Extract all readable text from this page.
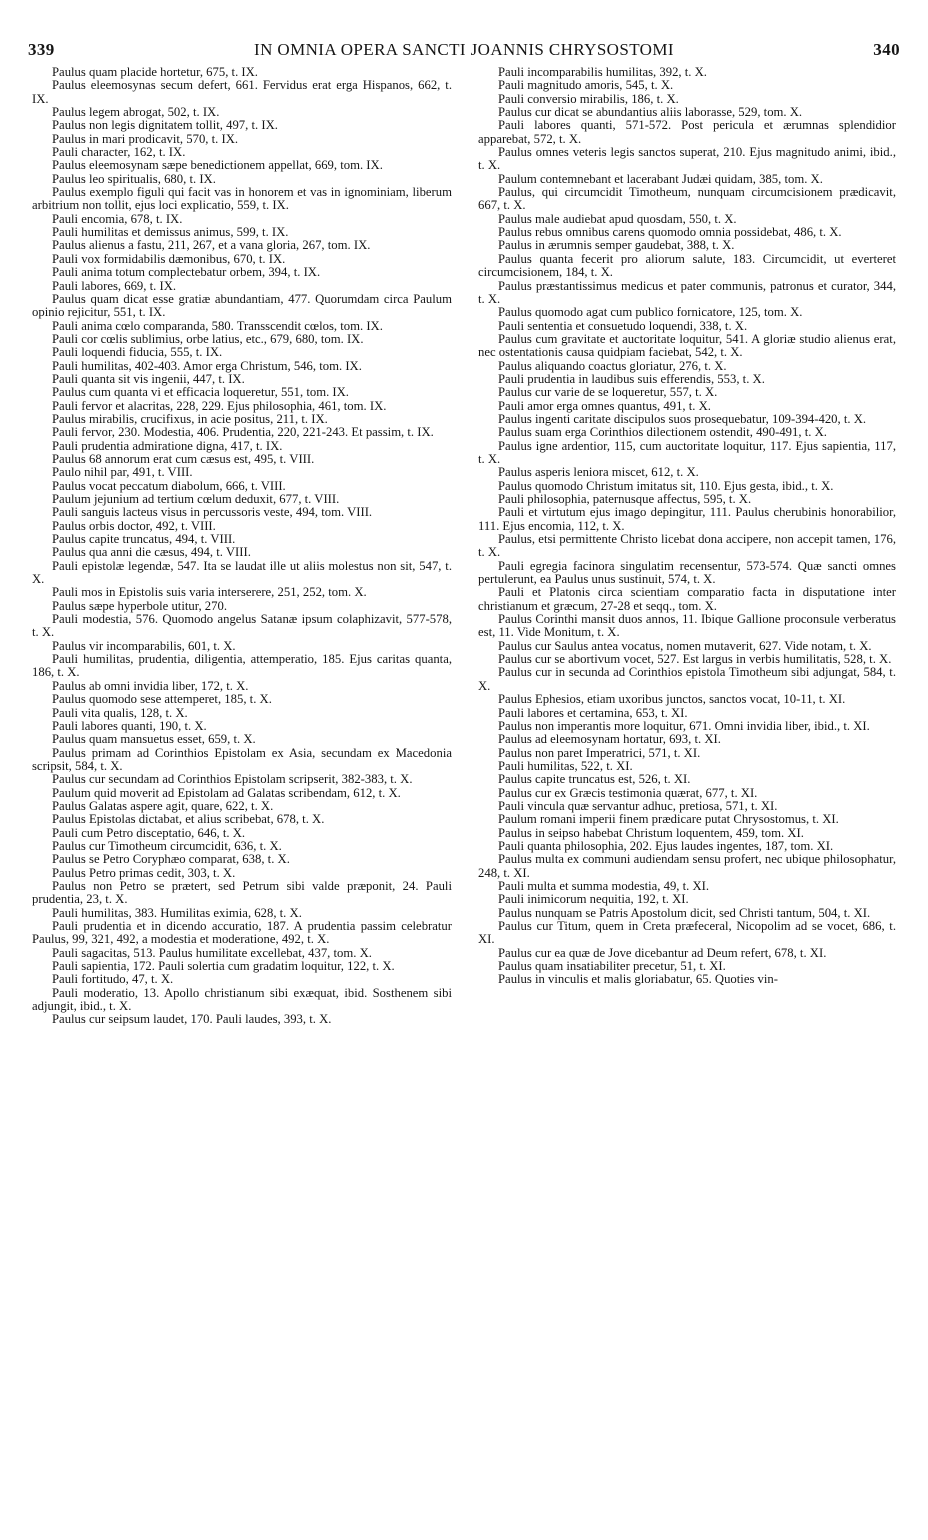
339	IN OMNIA OPERA SANCTI JOANNIS CHRYSOSTOMI	340

Paulus quam placide hortetur, 675, t. IX.

Paulus eleemosynas secum defert, 661. Fervidus erat erga Hispanos, 662, t. IX.

Paulus legem abrogat, 502, t. IX.

Paulus non legis dignitatem tollit, 497, t. IX.

Paulus in mari prodicavit, 570, t. IX.

Pauli character, 162, t. IX.

Paulus eleemosynam sæpe benedictionem appellat, 669, tom. IX.

Paulus leo spiritualis, 680, t. IX.

Paulus exemplo figuli qui facit vas in honorem et vas in ignominiam, liberum arbitrium non tollit, ejus loci explicatio, 559, t. IX.

Pauli encomia, 678, t. IX.

Pauli humilitas et demissus animus, 599, t. IX.

Paulus alienus a fastu, 211, 267, et a vana gloria, 267, tom. IX.

Pauli vox formidabilis dæmonibus, 670, t. IX.

Pauli anima totum complectebatur orbem, 394, t. IX.

Pauli labores, 669, t. IX.

Paulus quam dicat esse gratiæ abundantiam, 477. Quorumdam circa Paulum opinio rejicitur, 551, t. IX.

Pauli anima cœlo comparanda, 580. Transscendit cœlos, tom. IX.

Pauli cor cœlis sublimius, orbe latius, etc., 679, 680, tom. IX.

Pauli loquendi fiducia, 555, t. IX.

Pauli humilitas, 402-403. Amor erga Christum, 546, tom. IX.

Pauli quanta sit vis ingenii, 447, t. IX.

Paulus cum quanta vi et efficacia loqueretur, 551, tom. IX.

Pauli fervor et alacritas, 228, 229. Ejus philosophia, 461, tom. IX.

Paulus mirabilis, crucifixus, in acie positus, 211, t. IX.

Pauli fervor, 230. Modestia, 406. Prudentia, 220, 221-243. Et passim, t. IX.

Pauli prudentia admiratione digna, 417, t. IX.

Paulus 68 annorum erat cum cæsus est, 495, t. VIII.

Paulo nihil par, 491, t. VIII.

Paulus vocat peccatum diabolum, 666, t. VIII.

Paulum jejunium ad tertium cœlum deduxit, 677, t. VIII.

Pauli sanguis lacteus visus in percussoris veste, 494, tom. VIII.

Paulus orbis doctor, 492, t. VIII.

Paulus capite truncatus, 494, t. VIII.

Paulus qua anni die cæsus, 494, t. VIII.

Pauli epistolæ legendæ, 547. Ita se laudat ille ut aliis molestus non sit, 547, t. X.

Pauli mos in Epistolis suis varia interserere, 251, 252, tom. X.

Paulus sæpe hyperbole utitur, 270.

Pauli modestia, 576. Quomodo angelus Satanæ ipsum colaphizavit, 577-578, t. X.

Paulus vir incomparabilis, 601, t. X.

Pauli humilitas, prudentia, diligentia, attemperatio, 185. Ejus caritas quanta, 186, t. X.

Paulus ab omni invidia liber, 172, t. X.

Paulus quomodo sese attemperet, 185, t. X.

Pauli vita qualis, 128, t. X.

Pauli labores quanti, 190, t. X.

Paulus quam mansuetus esset, 659, t. X.

Paulus primam ad Corinthios Epistolam ex Asia, secundam ex Macedonia scripsit, 584, t. X.

Paulus cur secundam ad Corinthios Epistolam scripserit, 382-383, t. X.

Paulum quid moverit ad Epistolam ad Galatas scribendam, 612, t. X.

Paulus Galatas aspere agit, quare, 622, t. X.

Paulus Epistolas dictabat, et alius scribebat, 678, t. X.

Pauli cum Petro disceptatio, 646, t. X.

Paulus cur Timotheum circumcidit, 636, t. X.

Paulus se Petro Coryphæo comparat, 638, t. X.

Paulus Petro primas cedit, 303, t. X.

Paulus non Petro se prætert, sed Petrum sibi valde præponit, 24. Pauli prudentia, 23, t. X.

Pauli humilitas, 383. Humilitas eximia, 628, t. X.

Pauli prudentia et in dicendo accuratio, 187. A prudentia passim celebratur Paulus, 99, 321, 492, a modestia et moderatione, 492, t. X.

Pauli sagacitas, 513. Paulus humilitate excellebat, 437, tom. X.

Pauli sapientia, 172. Pauli solertia cum gradatim loquitur, 122, t. X.

Pauli fortitudo, 47, t. X.

Pauli moderatio, 13. Apollo christianum sibi exæquat, ibid. Sosthenem sibi adjungit, ibid., t. X.

Paulus cur seipsum laudet, 170. Pauli laudes, 393, t. X.

Pauli incomparabilis humilitas, 392, t. X.

Pauli magnitudo amoris, 545, t. X.

Pauli conversio mirabilis, 186, t. X.

Paulus cur dicat se abundantius aliis laborasse, 529, tom. X.

Pauli labores quanti, 571-572. Post pericula et ærumnas splendidior apparebat, 572, t. X.

Paulus omnes veteris legis sanctos superat, 210. Ejus magnitudo animi, ibid., t. X.

Paulum contemnebant et lacerabant Judæi quidam, 385, tom. X.

Paulus, qui circumcidit Timotheum, nunquam circumcisionem prædicavit, 667, t. X.

Paulus male audiebat apud quosdam, 550, t. X.

Paulus rebus omnibus carens quomodo omnia possidebat, 486, t. X.

Paulus in ærumnis semper gaudebat, 388, t. X.

Paulus quanta fecerit pro aliorum salute, 183. Circumcidit, ut everteret circumcisionem, 184, t. X.

Paulus præstantissimus medicus et pater communis, patronus et curator, 344, t. X.

Paulus quomodo agat cum publico fornicatore, 125, tom. X.

Pauli sententia et consuetudo loquendi, 338, t. X.

Paulus cum gravitate et auctoritate loquitur, 541. A gloriæ studio alienus erat, nec ostentationis causa quidpiam faciebat, 542, t. X.

Paulus aliquando coactus gloriatur, 276, t. X.

Pauli prudentia in laudibus suis efferendis, 553, t. X.

Paulus cur varie de se loqueretur, 557, t. X.

Pauli amor erga omnes quantus, 491, t. X.

Paulus ingenti caritate discipulos suos prosequebatur, 109-394-420, t. X.

Paulus suam erga Corinthios dilectionem ostendit, 490-491, t. X.

Paulus igne ardentior, 115, cum auctoritate loquitur, 117. Ejus sapientia, 117, t. X.

Paulus asperis leniora miscet, 612, t. X.

Paulus quomodo Christum imitatus sit, 110. Ejus gesta, ibid., t. X.

Pauli philosophia, paternusque affectus, 595, t. X.

Pauli et virtutum ejus imago depingitur, 111. Paulus cherubinis honorabilior, 111. Ejus encomia, 112, t. X.

Paulus, etsi permittente Christo licebat dona accipere, non accepit tamen, 176, t. X.

Pauli egregia facinora singulatim recensentur, 573-574. Quæ sancti omnes pertulerunt, ea Paulus unus sustinuit, 574, t. X.

Pauli et Platonis circa scientiam comparatio facta in disputatione inter christianum et græcum, 27-28 et seqq., tom. X.

Paulus Corinthi mansit duos annos, 11. Ibique Gallione proconsule verberatus est, 11. Vide Monitum, t. X.

Paulus cur Saulus antea vocatus, nomen mutaverit, 627. Vide notam, t. X.

Paulus cur se abortivum vocet, 527. Est largus in verbis humilitatis, 528, t. X.

Paulus cur in secunda ad Corinthios epistola Timotheum sibi adjungat, 584, t. X.

Paulus Ephesios, etiam uxoribus junctos, sanctos vocat, 10-11, t. XI.

Pauli labores et certamina, 653, t. XI.

Paulus non imperantis more loquitur, 671. Omni invidia liber, ibid., t. XI.

Paulus ad eleemosynam hortatur, 693, t. XI.

Paulus non paret Imperatrici, 571, t. XI.

Pauli humilitas, 522, t. XI.

Paulus capite truncatus est, 526, t. XI.

Paulus cur ex Græcis testimonia quærat, 677, t. XI.

Pauli vincula quæ servantur adhuc, pretiosa, 571, t. XI.

Paulum romani imperii finem prædicare putat Chrysostomus, t. XI.

Paulus in seipso habebat Christum loquentem, 459, tom. XI.

Pauli quanta philosophia, 202. Ejus laudes ingentes, 187, tom. XI.

Paulus multa ex communi audiendam sensu profert, nec ubique philosophatur, 248, t. XI.

Pauli multa et summa modestia, 49, t. XI.

Pauli inimicorum nequitia, 192, t. XI.

Paulus nunquam se Patris Apostolum dicit, sed Christi tantum, 504, t. XI.

Paulus cur Titum, quem in Creta præfeceral, Nicopolim ad se vocet, 686, t. XI.

Paulus cur ea quæ de Jove dicebantur ad Deum refert, 678, t. XI.

Paulus quam insatiabiliter precetur, 51, t. XI.

Paulus in vinculis et malis gloriabatur, 65. Quoties vin-
